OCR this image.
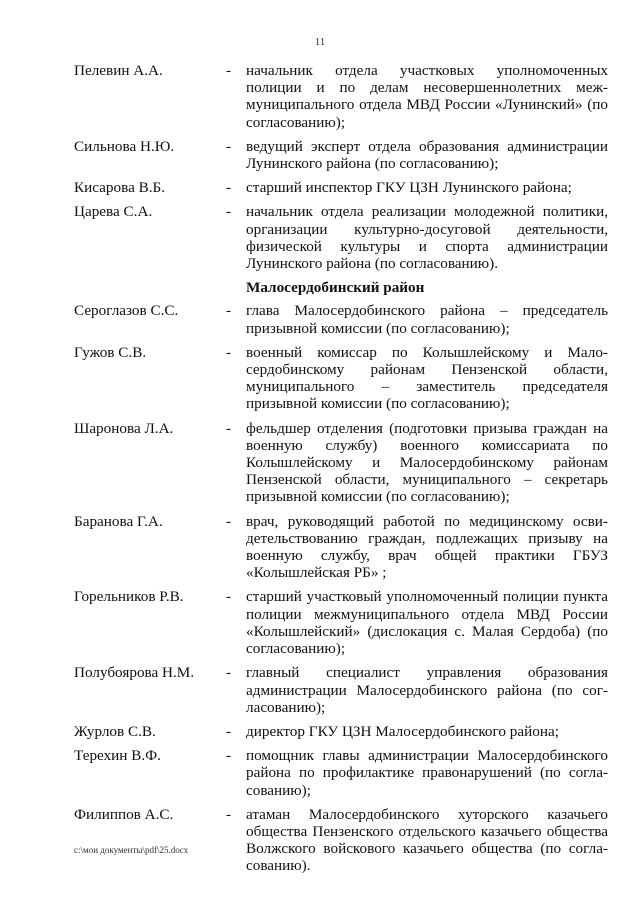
11
Пелевин А.А.	- начальник отдела участковых уполномоченных полиции и по делам несовершеннолетних меж- муниципального отдела МВД России «Лунинский» (по согласованию);
Сильнова Н.Ю.	- ведущий эксперт отдела образования администрации Лунинского района (по согласованию);
Кисарова В.Б.	- старший инспектор ГКУ ЦЗН Лунинского района;
Царева С.А.	- начальник отдела реализации молодежной политики, организации культурно-досуговой деятельности, физической культуры и спорта администрации Лунинского района (по согласованию).
Малосердобинский район
Сероглазов С.С.	- глава Малосердобинского района – председатель призывной комиссии (по согласованию);
Гужов С.В.	- военный комиссар по Колышлейскому и Мало- сердобинскому районам Пензенской области, муниципального – заместитель председателя призывной комиссии (по согласованию);
Шаронова Л.А.	- фельдшер отделения (подготовки призыва граждан на военную службу) военного комиссариата по Колышлейскому и Малосердобинскому районам Пензенской области, муниципального – секретарь призывной комиссии (по согласованию);
Баранова Г.А.	- врач, руководящий работой по медицинскому осви- детельствованию граждан, подлежащих призыву на военную службу, врач общей практики ГБУЗ «Колышлейская РБ» ;
Горельников Р.В.	- старший участковый уполномоченный полиции пункта полиции межмуниципального отдела МВД России «Колышлейский» (дислокация с. Малая Сердоба) (по согласованию);
Полубоярова Н.М.	- главный специалист управления образования администрации Малосердобинского района (по сог- ласованию);
Журлов С.В.	- директор ГКУ ЦЗН Малосердобинского района;
Терехин В.Ф.	- помощник главы администрации Малосердобинского района по профилактике правонарушений (по согла- сованию);
Филиппов А.С.	- атаман Малосердобинского хуторского казачьего общества Пензенского отдельского казачьего общества Волжского войскового казачьего общества (по согла- сованию).
c:\мои документы\pdf\25.docx
